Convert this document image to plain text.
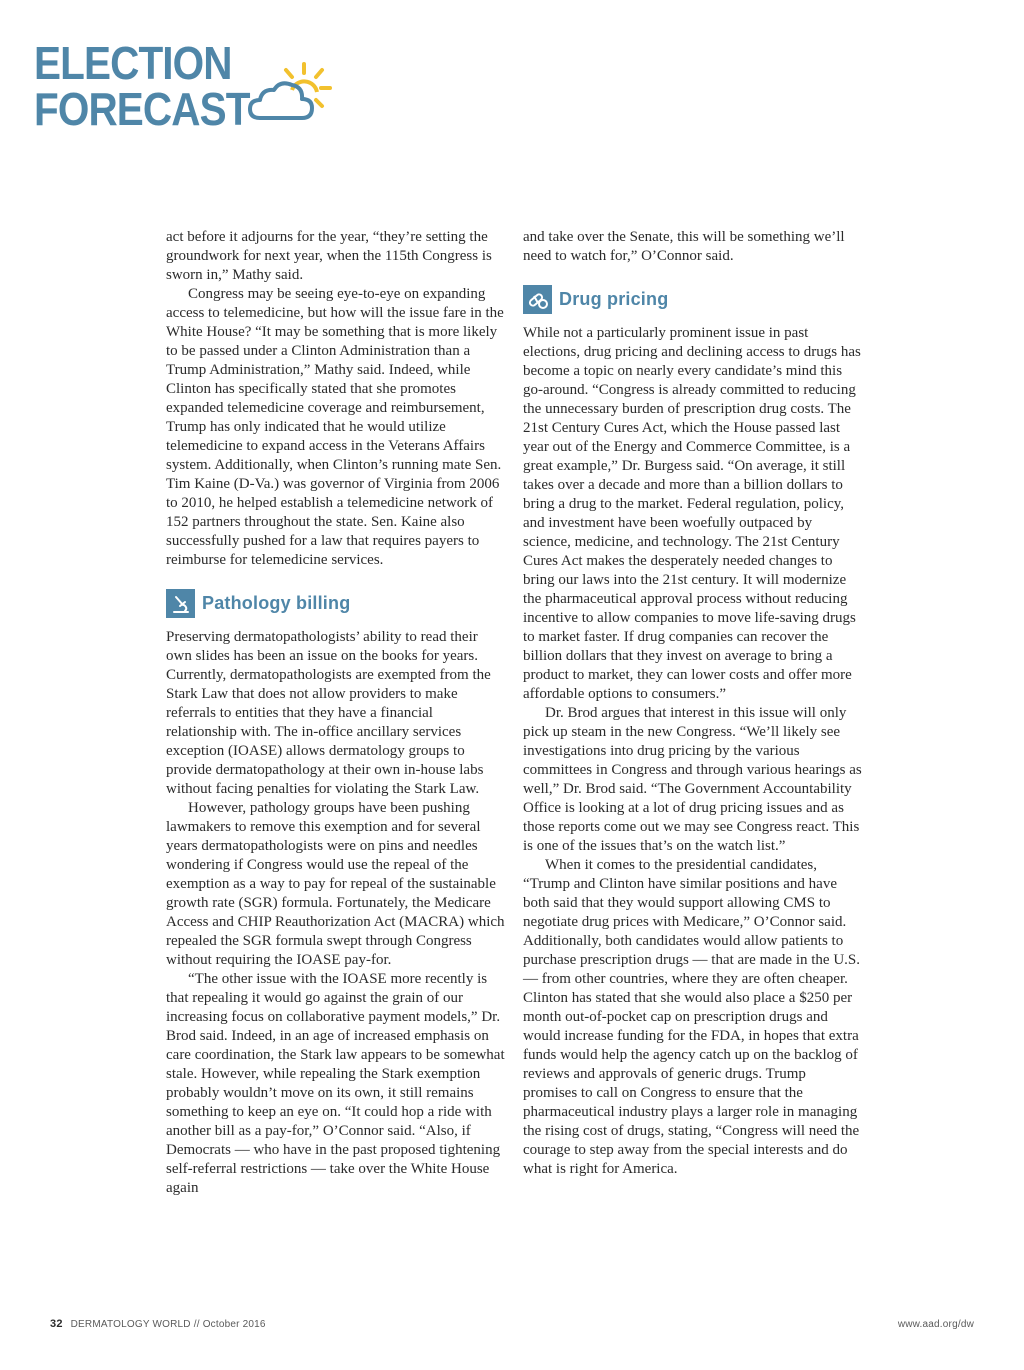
ELECTION
FORECAST

act before it adjourns for the year, “they’re setting the groundwork for next year, when the 115th Congress is sworn in,” Mathy said.

Congress may be seeing eye-to-eye on expanding access to telemedicine, but how will the issue fare in the White House? “It may be something that is more likely to be passed under a Clinton Administration than a Trump Administration,” Mathy said. Indeed, while Clinton has specifically stated that she promotes expanded telemedicine coverage and reimbursement, Trump has only indicated that he would utilize telemedicine to expand access in the Veterans Affairs system. Additionally, when Clinton’s running mate Sen. Tim Kaine (D-Va.) was governor of Virginia from 2006 to 2010, he helped establish a telemedicine network of 152 partners throughout the state. Sen. Kaine also successfully pushed for a law that requires payers to reimburse for telemedicine services.

Pathology billing

Preserving dermatopathologists’ ability to read their own slides has been an issue on the books for years. Currently, dermatopathologists are exempted from the Stark Law that does not allow providers to make referrals to entities that they have a financial relationship with. The in-office ancillary services exception (IOASE) allows dermatology groups to provide dermatopathology at their own in-house labs without facing penalties for violating the Stark Law.

However, pathology groups have been pushing lawmakers to remove this exemption and for several years dermatopathologists were on pins and needles wondering if Congress would use the repeal of the exemption as a way to pay for repeal of the sustainable growth rate (SGR) formula. Fortunately, the Medicare Access and CHIP Reauthorization Act (MACRA) which repealed the SGR formula swept through Congress without requiring the IOASE pay-for.

“The other issue with the IOASE more recently is that repealing it would go against the grain of our increasing focus on collaborative payment models,” Dr. Brod said. Indeed, in an age of increased emphasis on care coordination, the Stark law appears to be somewhat stale. However, while repealing the Stark exemption probably wouldn’t move on its own, it still remains something to keep an eye on. “It could hop a ride with another bill as a pay-for,” O’Connor said. “Also, if Democrats — who have in the past proposed tightening self-referral restrictions — take over the White House again

and take over the Senate, this will be something we’ll need to watch for,” O’Connor said.

Drug pricing

While not a particularly prominent issue in past elections, drug pricing and declining access to drugs has become a topic on nearly every candidate’s mind this go-around. “Congress is already committed to reducing the unnecessary burden of prescription drug costs. The 21st Century Cures Act, which the House passed last year out of the Energy and Commerce Committee, is a great example,” Dr. Burgess said. “On average, it still takes over a decade and more than a billion dollars to bring a drug to the market. Federal regulation, policy, and investment have been woefully outpaced by science, medicine, and technology. The 21st Century Cures Act makes the desperately needed changes to bring our laws into the 21st century. It will modernize the pharmaceutical approval process without reducing incentive to allow companies to move life-saving drugs to market faster. If drug companies can recover the billion dollars that they invest on average to bring a product to market, they can lower costs and offer more affordable options to consumers.”

Dr. Brod argues that interest in this issue will only pick up steam in the new Congress. “We’ll likely see investigations into drug pricing by the various committees in Congress and through various hearings as well,” Dr. Brod said. “The Government Accountability Office is looking at a lot of drug pricing issues and as those reports come out we may see Congress react. This is one of the issues that’s on the watch list.”

When it comes to the presidential candidates, “Trump and Clinton have similar positions and have both said that they would support allowing CMS to negotiate drug prices with Medicare,” O’Connor said. Additionally, both candidates would allow patients to purchase prescription drugs — that are made in the U.S. — from other countries, where they are often cheaper. Clinton has stated that she would also place a $250 per month out-of-pocket cap on prescription drugs and would increase funding for the FDA, in hopes that extra funds would help the agency catch up on the backlog of reviews and approvals of generic drugs. Trump promises to call on Congress to ensure that the pharmaceutical industry plays a larger role in managing the rising cost of drugs, stating, “Congress will need the courage to step away from the special interests and do what is right for America.

32 DERMATOLOGY WORLD // October 2016	www.aad.org/dw
